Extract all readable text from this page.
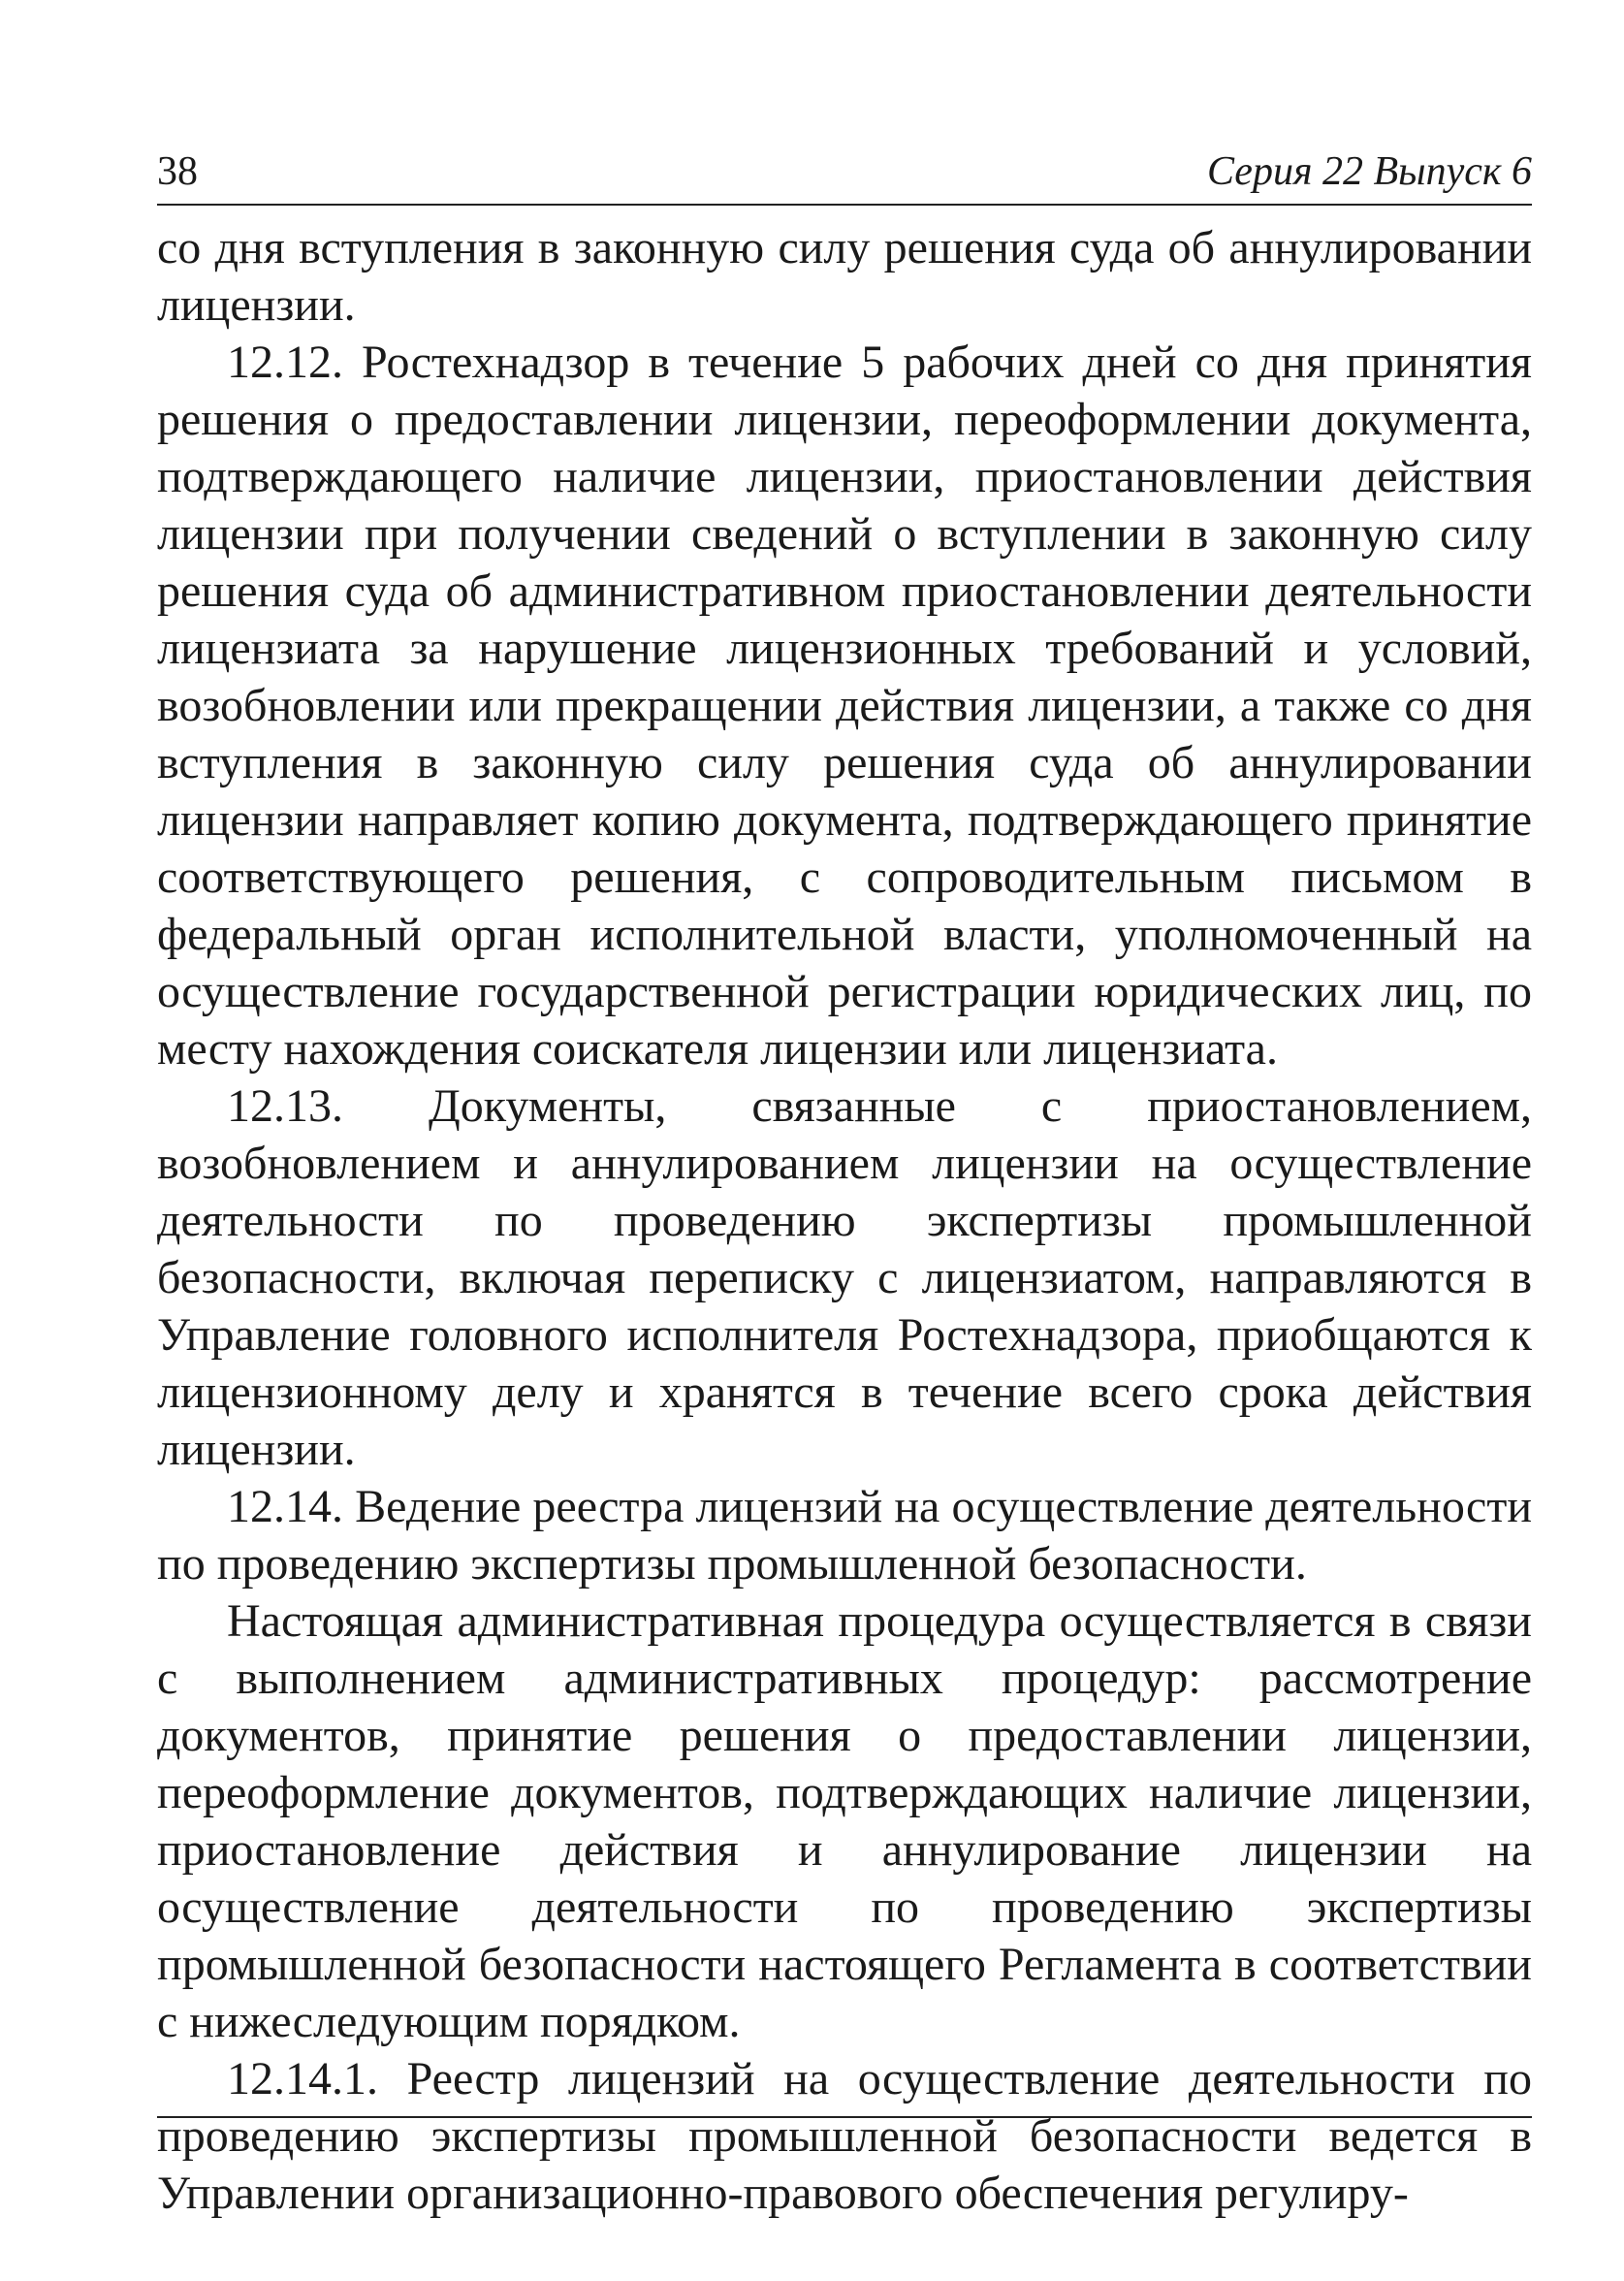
38	Серия 22 Выпуск 6

со дня вступления в законную силу решения суда об аннулировании лицензии.

12.12. Ростехнадзор в течение 5 рабочих дней со дня принятия решения о предоставлении лицензии, переоформлении документа, подтверждающего наличие лицензии, приостановлении действия лицензии при получении сведений о вступлении в законную силу решения суда об административном приостановлении деятельности лицензиата за нарушение лицензионных требований и условий, возобновлении или прекращении действия лицензии, а также со дня вступления в законную силу решения суда об аннулировании лицензии направляет копию документа, подтверждающего принятие соответствующего решения, с сопроводительным письмом в федеральный орган исполнительной власти, уполномоченный на осуществление государственной регистрации юридических лиц, по месту нахождения соискателя лицензии или лицензиата.

12.13. Документы, связанные с приостановлением, возобновлением и аннулированием лицензии на осуществление деятельности по проведению экспертизы промышленной безопасности, включая переписку с лицензиатом, направляются в Управление головного исполнителя Ростехнадзора, приобщаются к лицензионному делу и хранятся в течение всего срока действия лицензии.

12.14. Ведение реестра лицензий на осуществление деятельности по проведению экспертизы промышленной безопасности.

Настоящая административная процедура осуществляется в связи с выполнением административных процедур: рассмотрение документов, принятие решения о предоставлении лицензии, переоформление документов, подтверждающих наличие лицензии, приостановление действия и аннулирование лицензии на осуществление деятельности по проведению экспертизы промышленной безопасности настоящего Регламента в соответствии с нижеследующим порядком.

12.14.1. Реестр лицензий на осуществление деятельности по проведению экспертизы промышленной безопасности ведется в Управлении организационно-правового обеспечения регулиру-
